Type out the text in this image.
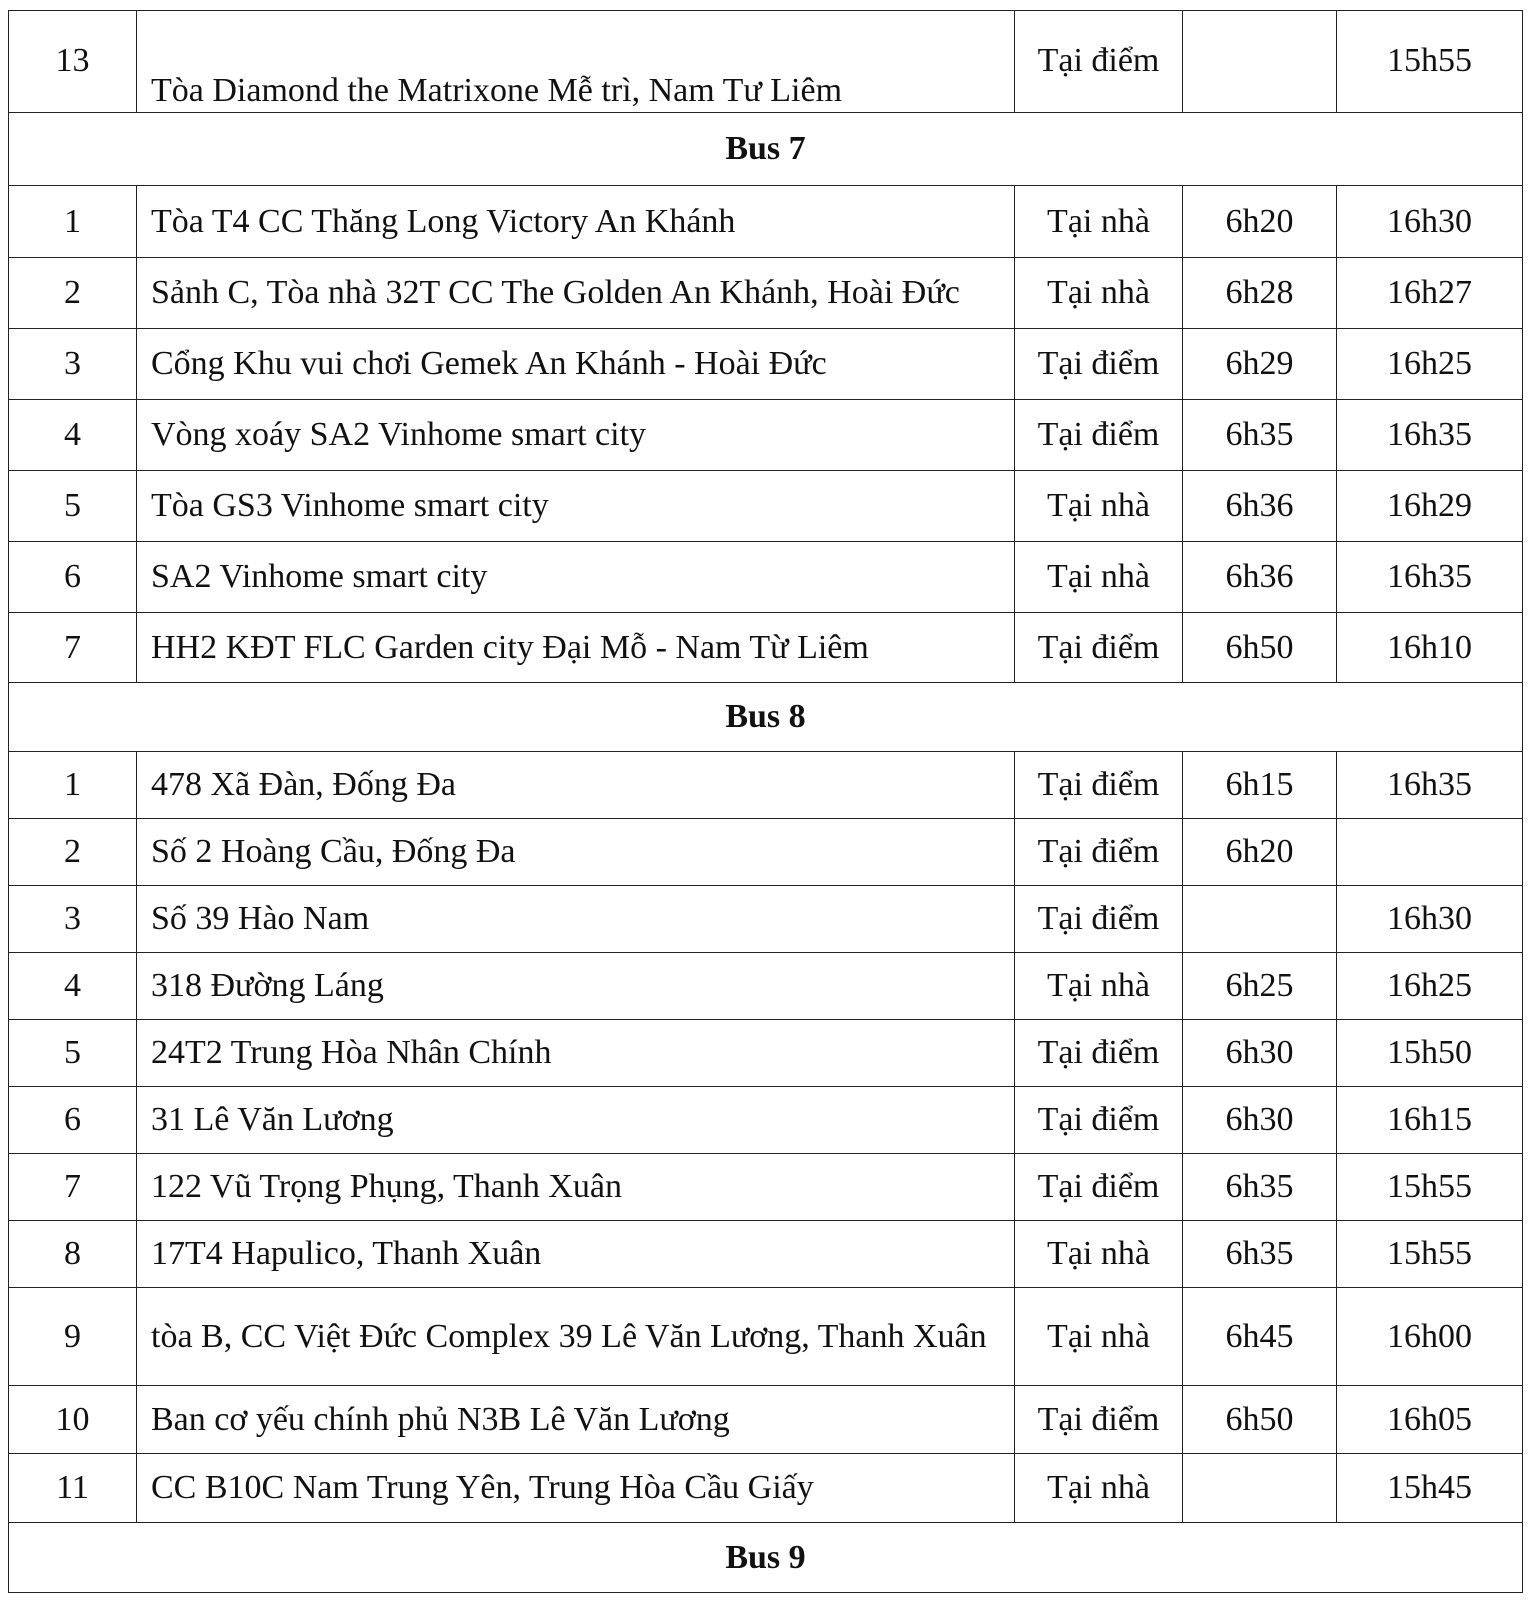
13	Tòa Diamond the Matrixone Mễ trì, Nam Tư Liêm	Tại điểm		15h55
Bus 7				
1	Tòa T4 CC Thăng Long Victory An Khánh	Tại nhà	6h20	16h30
2	Sảnh C, Tòa nhà 32T CC The Golden An Khánh, Hoài Đức	Tại nhà	6h28	16h27
3	Cổng Khu vui chơi Gemek An Khánh - Hoài Đức	Tại điểm	6h29	16h25
4	Vòng xoáy SA2 Vinhome smart city	Tại điểm	6h35	16h35
5	Tòa GS3 Vinhome smart city	Tại nhà	6h36	16h29
6	SA2 Vinhome smart city	Tại nhà	6h36	16h35
7	HH2 KĐT FLC Garden city Đại Mỗ - Nam Từ Liêm	Tại điểm	6h50	16h10
Bus 8				
1	478 Xã Đàn, Đống Đa	Tại điểm	6h15	16h35
2	Số 2 Hoàng Cầu, Đống Đa	Tại điểm	6h20	
3	Số 39 Hào Nam	Tại điểm		16h30
4	318 Đường Láng	Tại nhà	6h25	16h25
5	24T2 Trung Hòa Nhân Chính	Tại điểm	6h30	15h50
6	31 Lê Văn Lương	Tại điểm	6h30	16h15
7	122 Vũ Trọng Phụng, Thanh Xuân	Tại điểm	6h35	15h55
8	17T4 Hapulico, Thanh Xuân	Tại nhà	6h35	15h55
9	tòa B, CC Việt Đức Complex 39 Lê Văn Lương, Thanh Xuân	Tại nhà	6h45	16h00
10	Ban cơ yếu chính phủ N3B Lê Văn Lương	Tại điểm	6h50	16h05
11	CC B10C Nam Trung Yên, Trung Hòa Cầu Giấy	Tại nhà		15h45
Bus 9				
